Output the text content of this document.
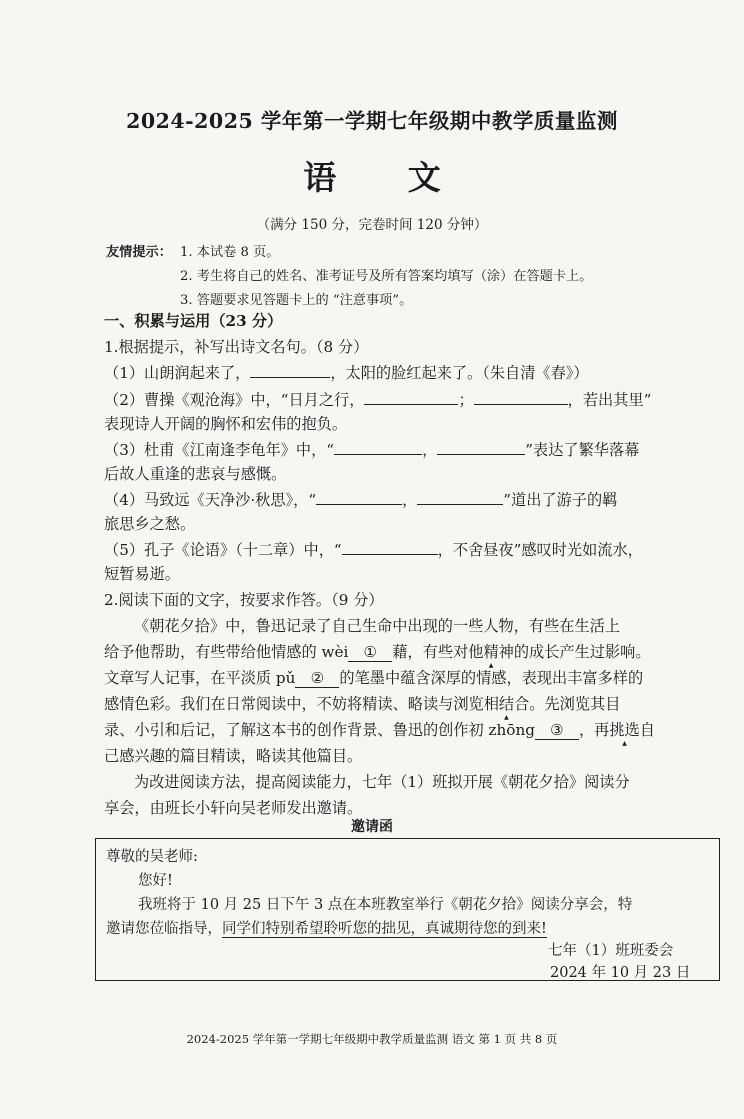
2024-2025 学年第一学期七年级期中教学质量监测
语 文
（满分 150 分，完卷时间 120 分钟）
友情提示： 1. 本试卷 8 页。
2. 考生将自己的姓名、准考证号及所有答案均填写（涂）在答题卡上。
3. 答题要求见答题卡上的 “注意事项”。
一、积累与运用（23 分）
1.根据提示，补写出诗文名句。（8 分）
（1）山朗润起来了，	，太阳的脸红起来了。（朱自清《春》）
（2）曹操《观沧海》中，“日月之行，	；	，若出其里”
表现诗人开阔的胸怀和宏伟的抱负。
（3）杜甫《江南逢李龟年》中，“	，	”表达了繁华落幕
后故人重逢的悲哀与感慨。
（4）马致远《天净沙·秋思》，“	，	”道出了游子的羁
旅思乡之愁。
（5）孔子《论语》（十二章）中，“	，不舍昼夜”感叹时光如流水，
短暂易逝。
2.阅读下面的文字，按要求作答。（9 分）
《朝花夕拾》中，鲁迅记录了自己生命中出现的一些人物，有些在生活上
给予他帮助，有些带给他情感的 wèi ① 藉，有些对他精 ▲神的成长产生过影响。
文章写人记事，在平淡质 pǔ ② 的笔墨中蕴含深厚的情感，表现出丰富多样的
感情色彩。我们在日常阅读中，不妨将精读、略读与浏览相结 ▲合。先浏览其目
录、小引和后记，了解这本书的创作背景、鲁迅的创作初 zhōng ③ ，再挑选 ▲自
己感兴趣的篇目精读，略读其他篇目。
为改进阅读方法，提高阅读能力，七年（1）班拟开展《朝花夕拾》阅读分
享会，由班长小轩向吴老师发出邀请。
邀请函
尊敬的吴老师:
您好!
我班将于 10 月 25 日下午 3 点在本班教室举行《朝花夕拾》阅读分享会，特
邀请您莅临指导，同学们特别希望聆听您的拙见，真诚期待您的到来!
七年（1）班班委会
2024 年 10 月 23 日
2024-2025 学年第一学期七年级期中教学质量监测 语文 第 1 页 共 8 页
